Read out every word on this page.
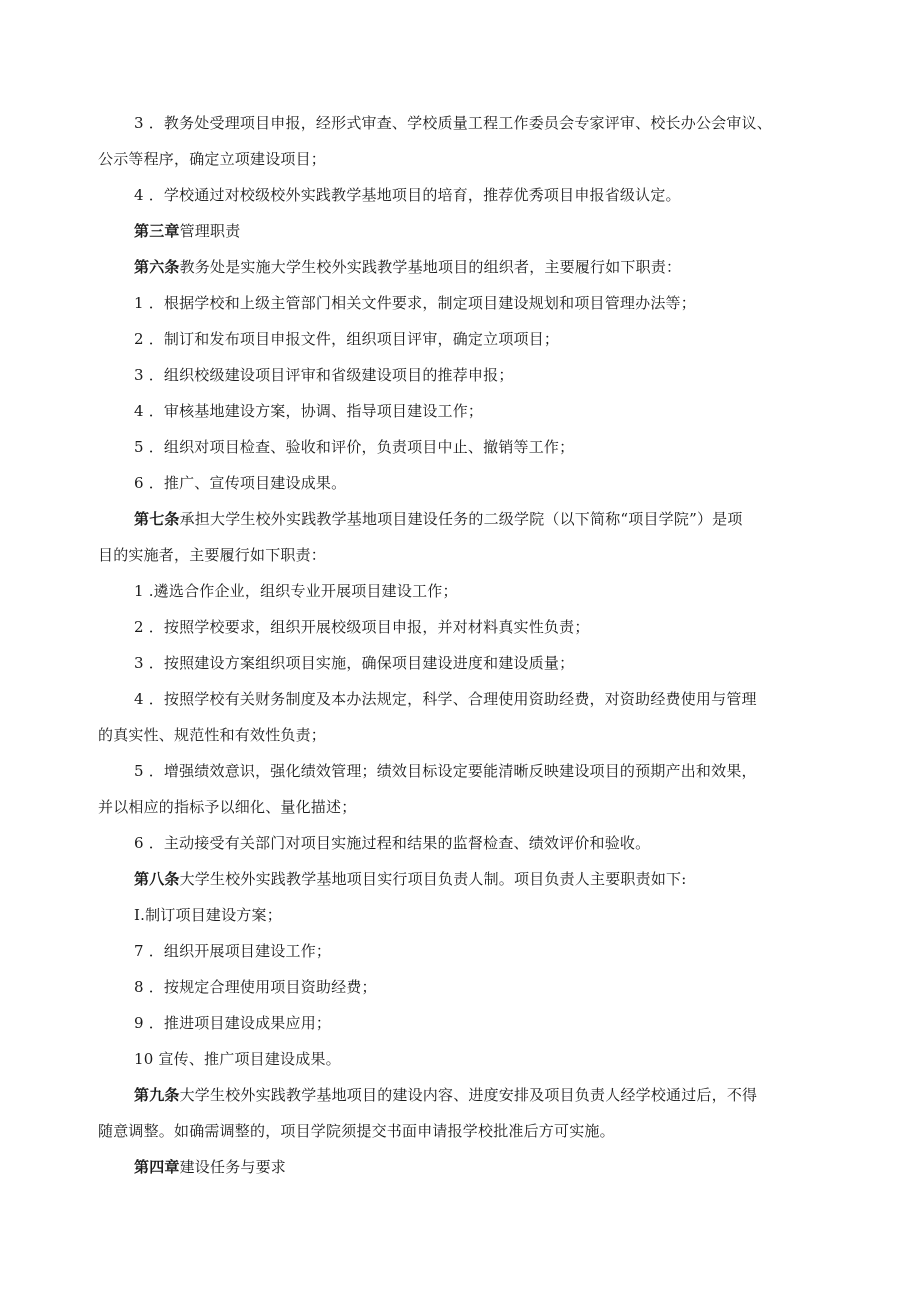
3 ．教务处受理项目申报，经形式审查、学校质量工程工作委员会专家评审、校长办公会审议、
公示等程序，确定立项建设项目；
4 ．学校通过对校级校外实践教学基地项目的培育，推荐优秀项目申报省级认定。
第三章管理职责
第六条教务处是实施大学生校外实践教学基地项目的组织者，主要履行如下职责：
1 ．根据学校和上级主管部门相关文件要求，制定项目建设规划和项目管理办法等；
2 ．制订和发布项目申报文件，组织项目评审，确定立项项目；
3 ．组织校级建设项目评审和省级建设项目的推荐申报；
4 ．审核基地建设方案，协调、指导项目建设工作；
5 ．组织对项目检查、验收和评价，负责项目中止、撤销等工作；
6 ．推广、宣传项目建设成果。
第七条承担大学生校外实践教学基地项目建设任务的二级学院（以下简称“项目学院”）是项
目的实施者，主要履行如下职责：
1 .遴选合作企业，组织专业开展项目建设工作；
2 ．按照学校要求，组织开展校级项目申报，并对材料真实性负责；
3 ．按照建设方案组织项目实施，确保项目建设进度和建设质量；
4 ．按照学校有关财务制度及本办法规定，科学、合理使用资助经费，对资助经费使用与管理
的真实性、规范性和有效性负责；
5 ．增强绩效意识，强化绩效管理；绩效目标设定要能清晰反映建设项目的预期产出和效果，
并以相应的指标予以细化、量化描述；
6 ．主动接受有关部门对项目实施过程和结果的监督检查、绩效评价和验收。
第八条大学生校外实践教学基地项目实行项目负责人制。项目负责人主要职责如下:
I.制订项目建设方案；
7 ．组织开展项目建设工作；
8 ．按规定合理使用项目资助经费；
9 ．推进项目建设成果应用；
10 宣传、推广项目建设成果。
第九条大学生校外实践教学基地项目的建设内容、进度安排及项目负责人经学校通过后，不得
随意调整。如确需调整的，项目学院须提交书面申请报学校批准后方可实施。
第四章建设任务与要求
